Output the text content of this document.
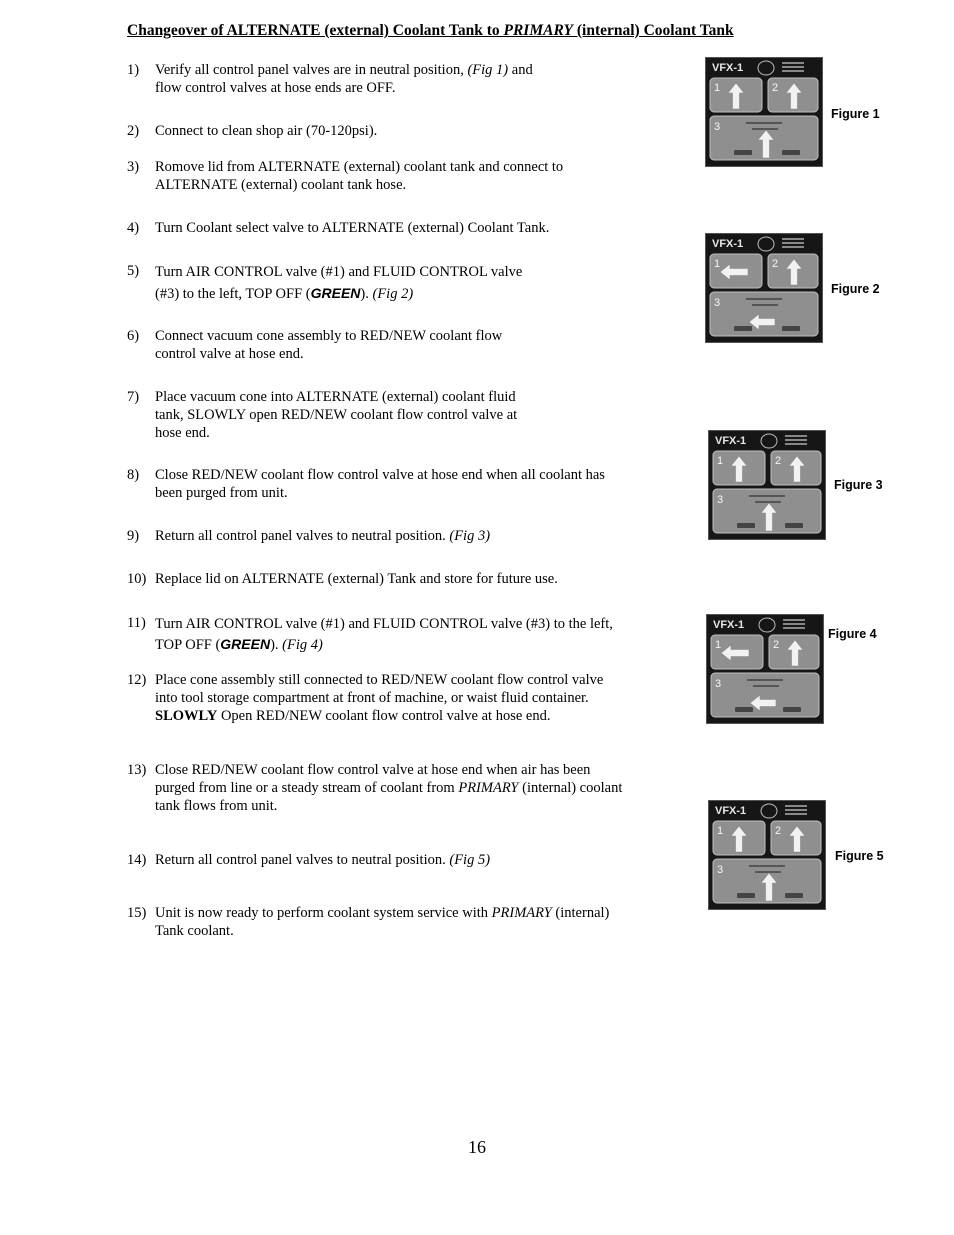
Changeover of ALTERNATE (external) Coolant Tank to PRIMARY (internal) Coolant Tank
1) Verify all control panel valves are in neutral position, (Fig 1) and
flow control valves at hose ends are OFF.
2) Connect to clean shop air (70-120psi).
3) Romove lid from ALTERNATE (external) coolant tank and connect to
ALTERNATE (external) coolant tank hose.
4) Turn Coolant select valve to ALTERNATE (external) Coolant Tank.
5) Turn AIR CONTROL valve (#1) and FLUID CONTROL valve
(#3) to the left, TOP OFF (GREEN). (Fig 2)
6) Connect vacuum cone assembly to RED/NEW coolant flow
control valve at hose end.
7) Place vacuum cone into ALTERNATE (external) coolant fluid
tank, SLOWLY open RED/NEW coolant flow control valve at
hose end.
8) Close RED/NEW coolant flow control valve at hose end when all coolant has
been purged from unit.
9) Return all control panel valves to neutral position. (Fig 3)
10) Replace lid on ALTERNATE (external) Tank and store for future use.
11) Turn AIR CONTROL valve (#1) and FLUID CONTROL valve (#3) to the left,
TOP OFF (GREEN). (Fig 4)
12) Place cone assembly still connected to RED/NEW coolant flow control valve
into tool storage compartment at front of machine, or waist fluid container.
SLOWLY Open RED/NEW coolant flow control valve at hose end.
13) Close RED/NEW coolant flow control valve at hose end when air has been
purged from line or a steady stream of coolant from PRIMARY (internal) coolant
tank flows from unit.
14) Return all control panel valves to neutral position. (Fig 5)
15) Unit is now ready to perform coolant system service with PRIMARY (internal)
Tank coolant.
VFX-1
1	2
3
Figure 1
VFX-1
1	2
3
Figure 2
VFX-1
1	2
3
Figure 3
VFX-1
1	2
3
Figure 4
VFX-1
1	2
3
Figure 5
16
